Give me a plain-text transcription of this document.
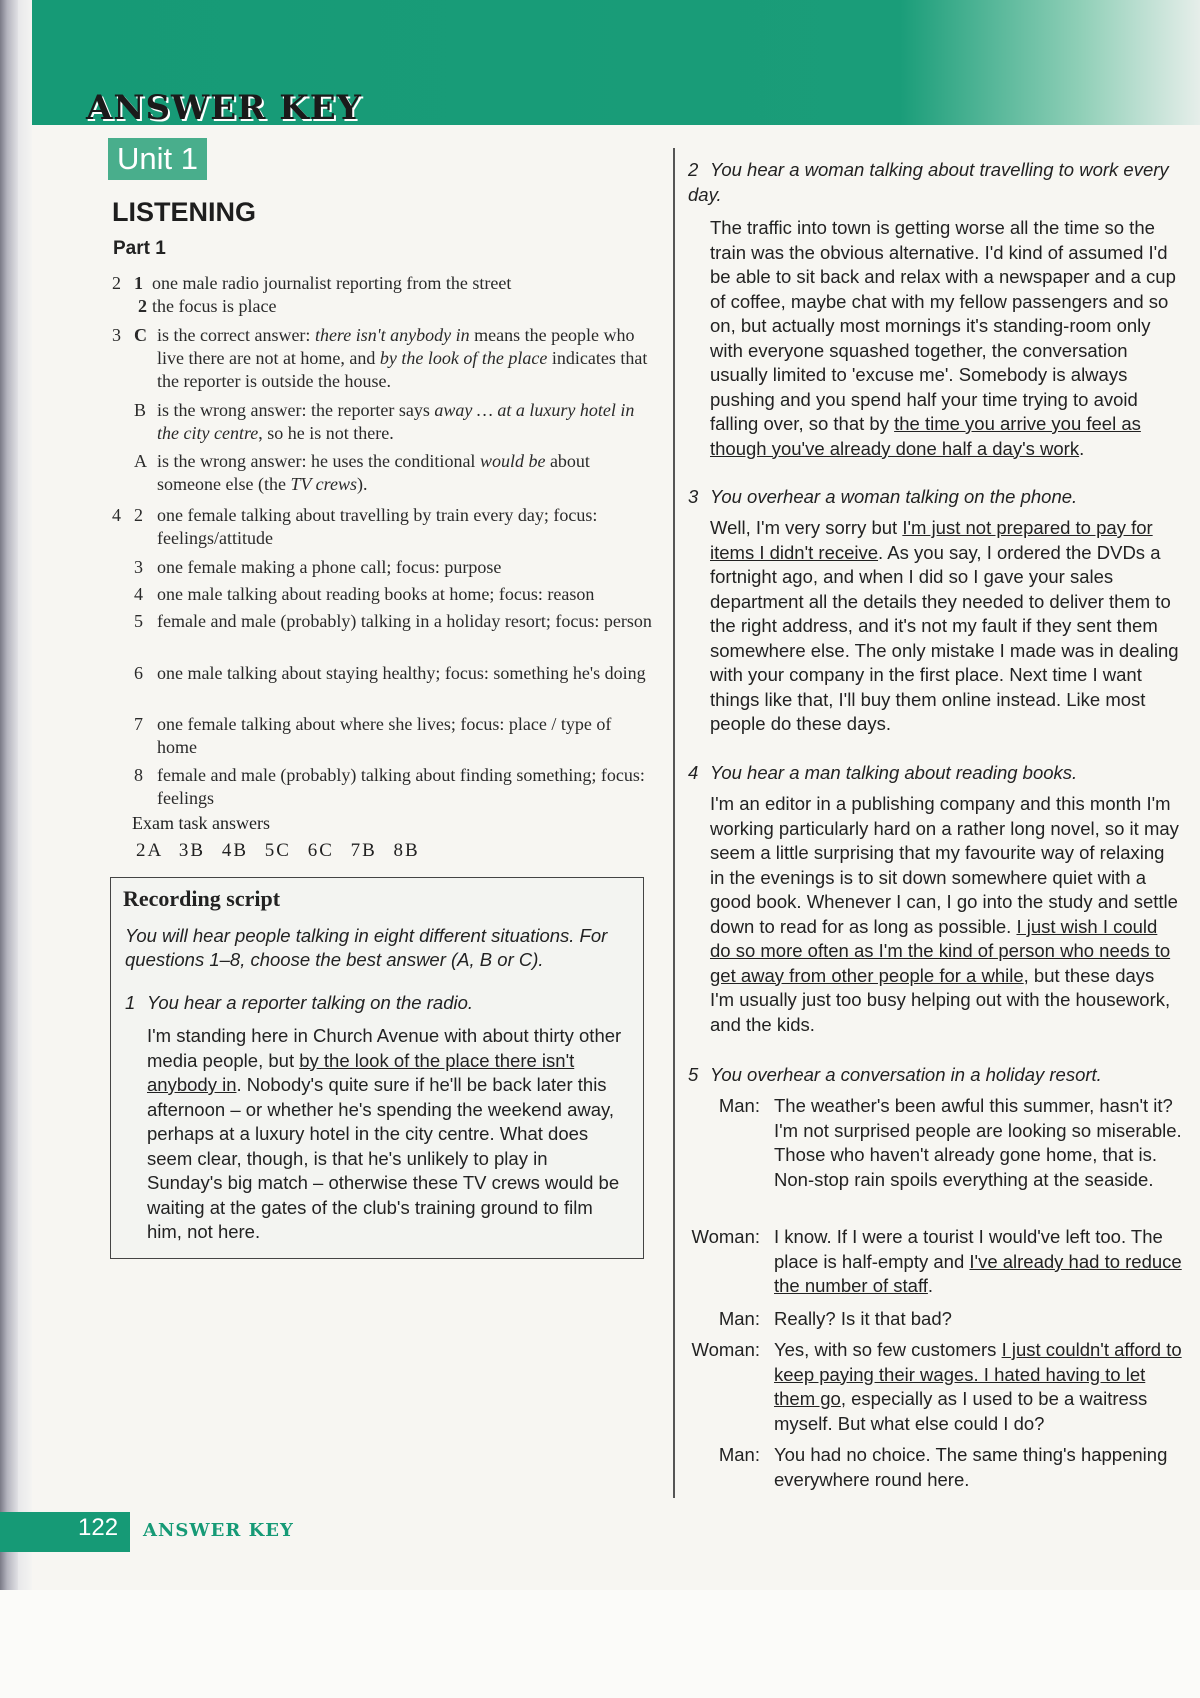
ANSWER KEY
Unit 1
LISTENING
Part 1
2 1 one male radio journalist reporting from the street
2 the focus is place
3 C is the correct answer: there isn't anybody in means the people who live there are not at home, and by the look of the place indicates that the reporter is outside the house.
B is the wrong answer: the reporter says away … at a luxury hotel in the city centre, so he is not there.
A is the wrong answer: he uses the conditional would be about someone else (the TV crews).
4 2 one female talking about travelling by train every day; focus: feelings/attitude
3 one female making a phone call; focus: purpose
4 one male talking about reading books at home; focus: reason
5 female and male (probably) talking in a holiday resort; focus: person
6 one male talking about staying healthy; focus: something he's doing
7 one female talking about where she lives; focus: place / type of home
8 female and male (probably) talking about finding something; focus: feelings
Exam task answers
2A 3B 4B 5C 6C 7B 8B
Recording script
You will hear people talking in eight different situations. For questions 1–8, choose the best answer (A, B or C).
1 You hear a reporter talking on the radio.
I'm standing here in Church Avenue with about thirty other media people, but by the look of the place there isn't anybody in. Nobody's quite sure if he'll be back later this afternoon – or whether he's spending the weekend away, perhaps at a luxury hotel in the city centre. What does seem clear, though, is that he's unlikely to play in Sunday's big match – otherwise these TV crews would be waiting at the gates of the club's training ground to film him, not here.
2 You hear a woman talking about travelling to work every day.
The traffic into town is getting worse all the time so the train was the obvious alternative. I'd kind of assumed I'd be able to sit back and relax with a newspaper and a cup of coffee, maybe chat with my fellow passengers and so on, but actually most mornings it's standing-room only with everyone squashed together, the conversation usually limited to 'excuse me'. Somebody is always pushing and you spend half your time trying to avoid falling over, so that by the time you arrive you feel as though you've already done half a day's work.
3 You overhear a woman talking on the phone.
Well, I'm very sorry but I'm just not prepared to pay for items I didn't receive. As you say, I ordered the DVDs a fortnight ago, and when I did so I gave your sales department all the details they needed to deliver them to the right address, and it's not my fault if they sent them somewhere else. The only mistake I made was in dealing with your company in the first place. Next time I want things like that, I'll buy them online instead. Like most people do these days.
4 You hear a man talking about reading books.
I'm an editor in a publishing company and this month I'm working particularly hard on a rather long novel, so it may seem a little surprising that my favourite way of relaxing in the evenings is to sit down somewhere quiet with a good book. Whenever I can, I go into the study and settle down to read for as long as possible. I just wish I could do so more often as I'm the kind of person who needs to get away from other people for a while, but these days I'm usually just too busy helping out with the housework, and the kids.
5 You overhear a conversation in a holiday resort.
Man: The weather's been awful this summer, hasn't it? I'm not surprised people are looking so miserable. Those who haven't already gone home, that is. Non-stop rain spoils everything at the seaside.
Woman: I know. If I were a tourist I would've left too. The place is half-empty and I've already had to reduce the number of staff.
Man: Really? Is it that bad?
Woman: Yes, with so few customers I just couldn't afford to keep paying their wages. I hated having to let them go, especially as I used to be a waitress myself. But what else could I do?
Man: You had no choice. The same thing's happening everywhere round here.
122 ANSWER KEY
